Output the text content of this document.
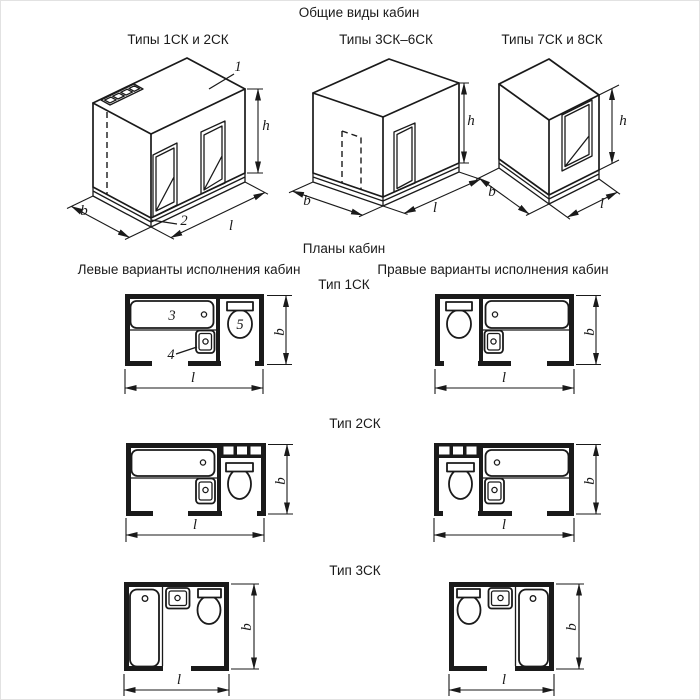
Общие виды кабин
Типы 1СК и 2СК	Типы 3СК–6СК	Типы 7СК и 8СК
Планы кабин
Левые варианты исполнения кабин	Правые варианты исполнения кабин
Тип 1СК
Тип 2СК
Тип 3СК
h
b
l
1
2
h
b	l
h
b
l
3
4
5 b
l
b
l
b
l
b
l
b
l
b
l
